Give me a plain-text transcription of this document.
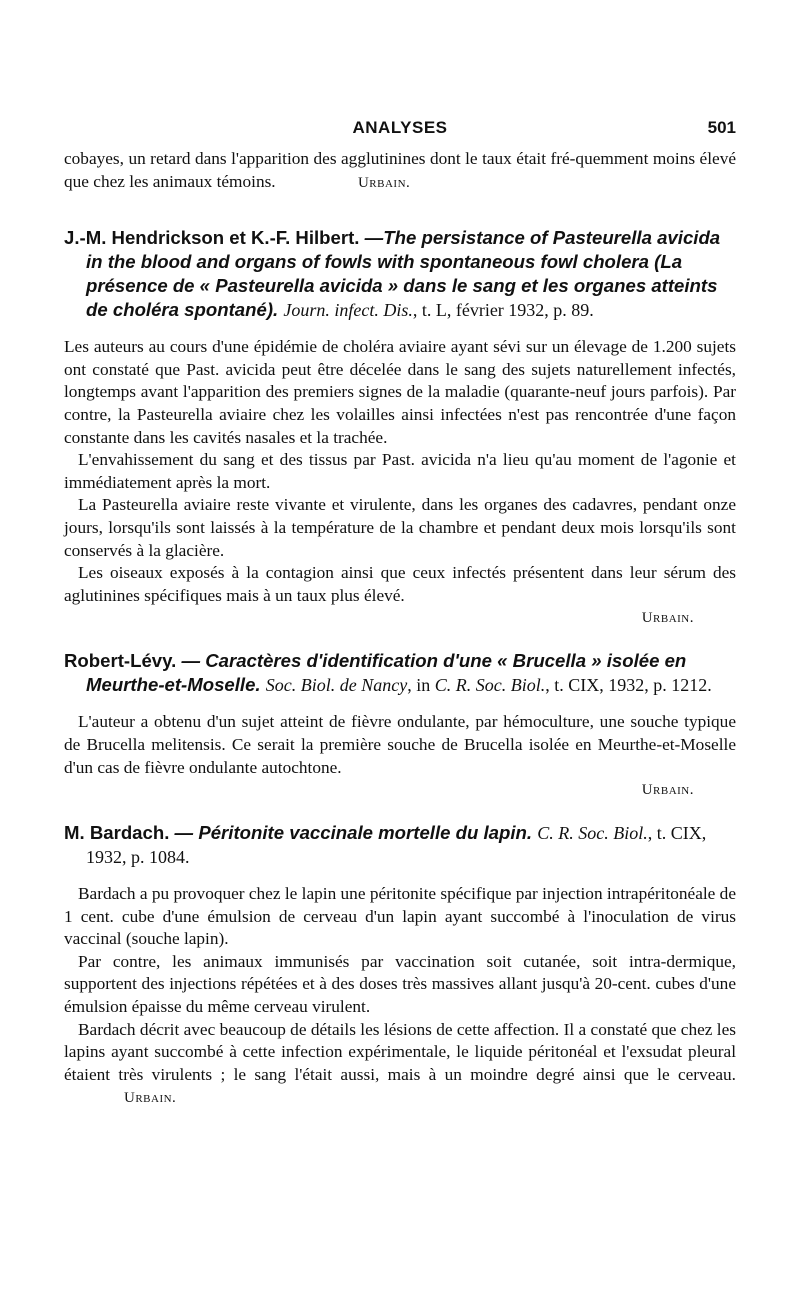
ANALYSES	501

cobayes, un retard dans l'apparition des agglutinines dont le taux était fré-quemment moins élevé que chez les animaux témoins.	Urbain.

J.-M. Hendrickson et K.-F. Hilbert. —The persistance of Pasteurella avicida in the blood and organs of fowls with spontaneous fowl cholera (La présence de « Pasteurella avicida » dans le sang et les organes atteints de choléra spontané). Journ. infect. Dis., t. L, février 1932, p. 89.

Les auteurs au cours d'une épidémie de choléra aviaire ayant sévi sur un élevage de 1.200 sujets ont constaté que Past. avicida peut être décelée dans le sang des sujets naturellement infectés, longtemps avant l'apparition des premiers signes de la maladie (quarante-neuf jours parfois). Par contre, la Pasteurella aviaire chez les volailles ainsi infectées n'est pas rencontrée d'une façon constante dans les cavités nasales et la trachée.

L'envahissement du sang et des tissus par Past. avicida n'a lieu qu'au moment de l'agonie et immédiatement après la mort.

La Pasteurella aviaire reste vivante et virulente, dans les organes des cadavres, pendant onze jours, lorsqu'ils sont laissés à la température de la chambre et pendant deux mois lorsqu'ils sont conservés à la glacière.

Les oiseaux exposés à la contagion ainsi que ceux infectés présentent dans leur sérum des aglutinines spécifiques mais à un taux plus élevé.

Urbain.

Robert-Lévy. — Caractères d'identification d'une « Brucella » isolée en Meurthe-et-Moselle. Soc. Biol. de Nancy, in C. R. Soc. Biol., t. CIX, 1932, p. 1212.

L'auteur a obtenu d'un sujet atteint de fièvre ondulante, par hémoculture, une souche typique de Brucella melitensis. Ce serait la première souche de Brucella isolée en Meurthe-et-Moselle d'un cas de fièvre ondulante autochtone.

Urbain.

M. Bardach. — Péritonite vaccinale mortelle du lapin. C. R. Soc. Biol., t. CIX, 1932, p. 1084.

Bardach a pu provoquer chez le lapin une péritonite spécifique par injection intrapéritonéale de 1 cent. cube d'une émulsion de cerveau d'un lapin ayant succombé à l'inoculation de virus vaccinal (souche lapin).

Par contre, les animaux immunisés par vaccination soit cutanée, soit intra-dermique, supportent des injections répétées et à des doses très massives allant jusqu'à 20-cent. cubes d'une émulsion épaisse du même cerveau virulent.

Bardach décrit avec beaucoup de détails les lésions de cette affection. Il a constaté que chez les lapins ayant succombé à cette infection expérimentale, le liquide péritonéal et l'exsudat pleural étaient très virulents ; le sang l'était aussi, mais à un moindre degré ainsi que le cerveau. Urbain.
